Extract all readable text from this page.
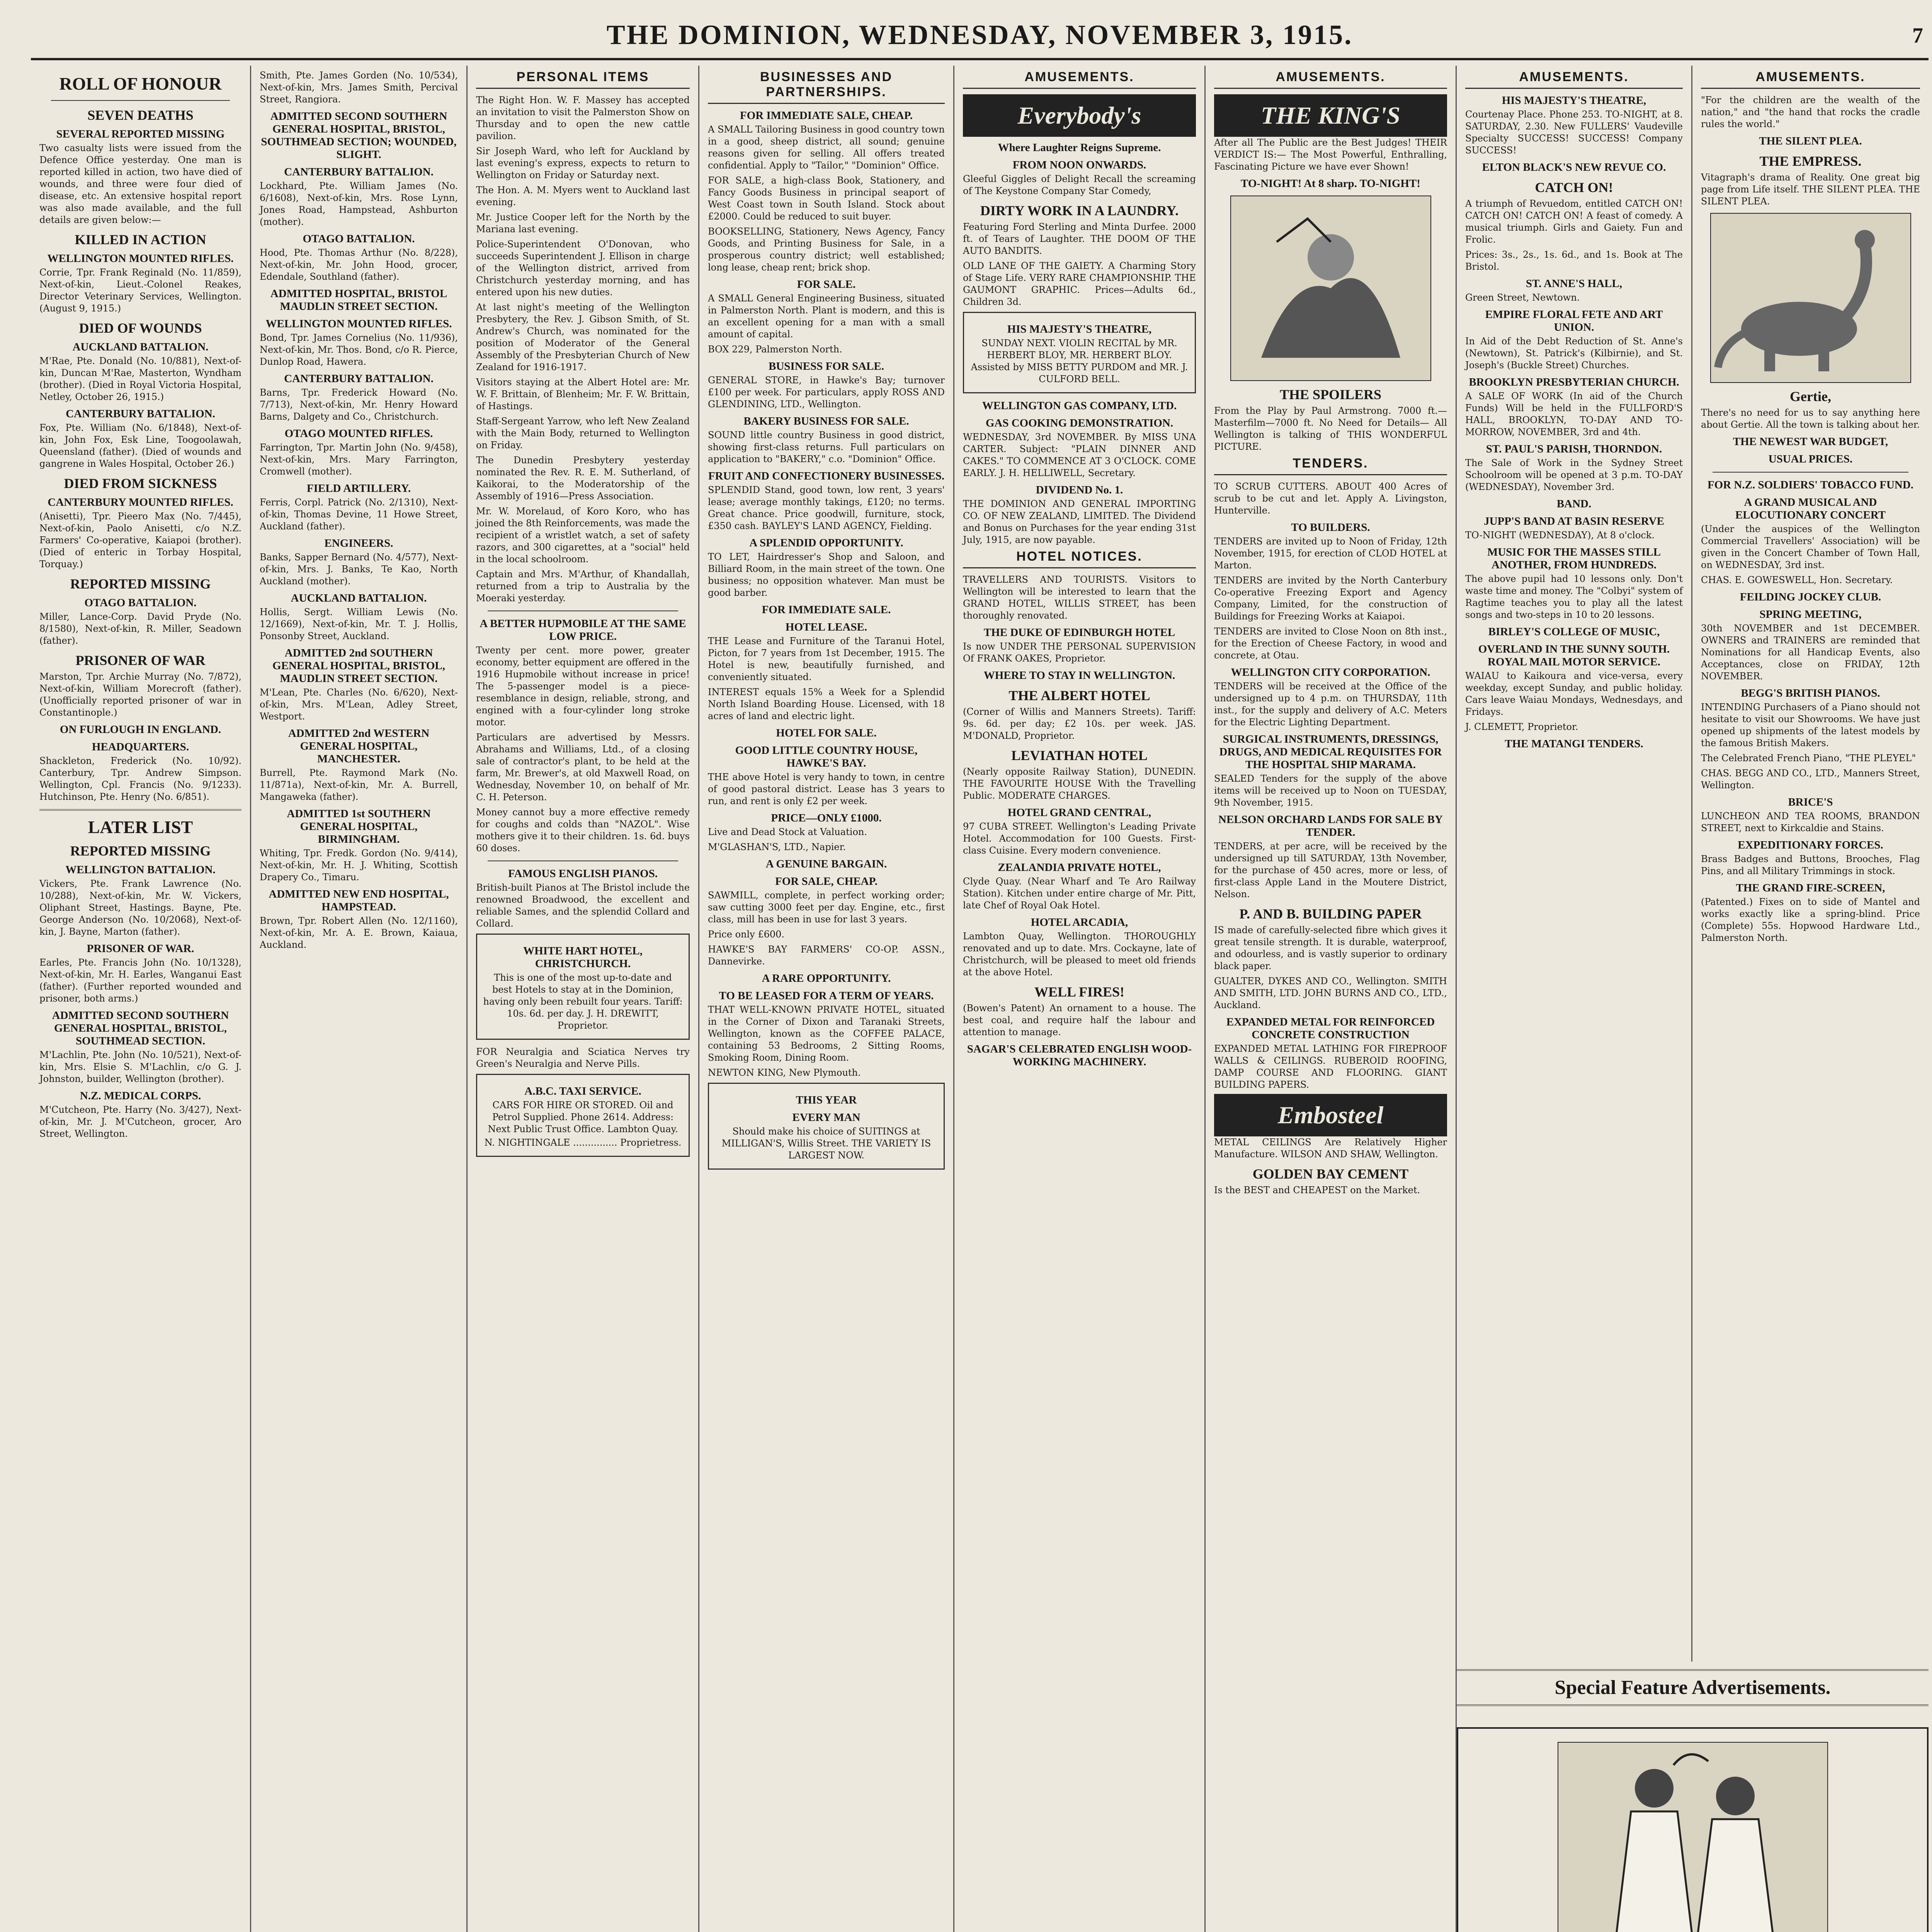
THE DOMINION, WEDNESDAY, NOVEMBER 3, 1915.	7
ROLL OF HONOUR
SEVEN DEATHS
SEVERAL REPORTED MISSING

Two casualty lists were issued from the Defence Office yesterday. One man is reported killed in action, two have died of wounds, and three were four died of disease, etc. An extensive hospital report was also made available, and the full details are given below:—

KILLED IN ACTION
WELLINGTON MOUNTED RIFLES.

Corrie, Tpr. Frank Reginald (No. 11/859), Next-of-kin, Lieut.-Colonel Reakes, Director Veterinary Services, Wellington. (August 9, 1915.)

DIED OF WOUNDS
AUCKLAND BATTALION.

M'Rae, Pte. Donald (No. 10/881), Next-of-kin, Duncan M'Rae, Masterton, Wyndham (brother). (Died in Royal Victoria Hospital, Netley, October 26, 1915.)

CANTERBURY BATTALION.

Fox, Pte. William (No. 6/1848), Next-of-kin, John Fox, Esk Line, Toogoolawah, Queensland (father). (Died of wounds and gangrene in Wales Hospital, October 26.)

DIED FROM SICKNESS
CANTERBURY MOUNTED RIFLES.

(Anisetti), Tpr. Pieero Max (No. 7/445), Next-of-kin, Paolo Anisetti, c/o N.Z. Farmers' Co-operative, Kaiapoi (brother). (Died of enteric in Torbay Hospital, Torquay.)

REPORTED MISSING
OTAGO BATTALION.

Miller, Lance-Corp. David Pryde (No. 8/1580), Next-of-kin, R. Miller, Seadown (father).

PRISONER OF WAR

Marston, Tpr. Archie Murray (No. 7/872), Next-of-kin, William Morecroft (father). (Unofficially reported prisoner of war in Constantinople.)

ON FURLOUGH IN ENGLAND.
HEADQUARTERS.

Shackleton, Frederick (No. 10/92). Canterbury, Tpr. Andrew Simpson. Wellington, Cpl. Francis (No. 9/1233). Hutchinson, Pte. Henry (No. 6/851).

LATER LIST
REPORTED MISSING
WELLINGTON BATTALION.

Vickers, Pte. Frank Lawrence (No. 10/288), Next-of-kin, Mr. W. Vickers, Oliphant Street, Hastings. Bayne, Pte. George Anderson (No. 10/2068), Next-of-kin, J. Bayne, Marton (father).

PRISONER OF WAR.

Earles, Pte. Francis John (No. 10/1328), Next-of-kin, Mr. H. Earles, Wanganui East (father). (Further reported wounded and prisoner, both arms.)

ADMITTED SECOND SOUTHERN GENERAL HOSPITAL, BRISTOL, SOUTHMEAD SECTION.

M'Lachlin, Pte. John (No. 10/521), Next-of-kin, Mrs. Elsie S. M'Lachlin, c/o G. J. Johnston, builder, Wellington (brother).

N.Z. MEDICAL CORPS.

M'Cutcheon, Pte. Harry (No. 3/427), Next-of-kin, Mr. J. M'Cutcheon, grocer, Aro Street, Wellington.

Smith, Pte. James Gorden (No. 10/534), Next-of-kin, Mrs. James Smith, Percival Street, Rangiora.

ADMITTED SECOND SOUTHERN GENERAL HOSPITAL, BRISTOL, SOUTHMEAD SECTION; WOUNDED, SLIGHT.
CANTERBURY BATTALION.

Lockhard, Pte. William James (No. 6/1608), Next-of-kin, Mrs. Rose Lynn, Jones Road, Hampstead, Ashburton (mother).

OTAGO BATTALION.

Hood, Pte. Thomas Arthur (No. 8/228), Next-of-kin, Mr. John Hood, grocer, Edendale, Southland (father).

ADMITTED HOSPITAL, BRISTOL MAUDLIN STREET SECTION.
WELLINGTON MOUNTED RIFLES.

Bond, Tpr. James Cornelius (No. 11/936), Next-of-kin, Mr. Thos. Bond, c/o R. Pierce, Dunlop Road, Hawera.

CANTERBURY BATTALION.

Barns, Tpr. Frederick Howard (No. 7/713), Next-of-kin, Mr. Henry Howard Barns, Dalgety and Co., Christchurch.

OTAGO MOUNTED RIFLES.

Farrington, Tpr. Martin John (No. 9/458), Next-of-kin, Mrs. Mary Farrington, Cromwell (mother).

FIELD ARTILLERY.

Ferris, Corpl. Patrick (No. 2/1310), Next-of-kin, Thomas Devine, 11 Howe Street, Auckland (father).

ENGINEERS.

Banks, Sapper Bernard (No. 4/577), Next-of-kin, Mrs. J. Banks, Te Kao, North Auckland (mother).

AUCKLAND BATTALION.

Hollis, Sergt. William Lewis (No. 12/1669), Next-of-kin, Mr. T. J. Hollis, Ponsonby Street, Auckland.

ADMITTED 2nd SOUTHERN GENERAL HOSPITAL, BRISTOL, MAUDLIN STREET SECTION.

M'Lean, Pte. Charles (No. 6/620), Next-of-kin, Mrs. M'Lean, Adley Street, Westport.

ADMITTED 2nd WESTERN GENERAL HOSPITAL, MANCHESTER.

Burrell, Pte. Raymond Mark (No. 11/871a), Next-of-kin, Mr. A. Burrell, Mangaweka (father).

ADMITTED 1st SOUTHERN GENERAL HOSPITAL, BIRMINGHAM.

Whiting, Tpr. Fredk. Gordon (No. 9/414), Next-of-kin, Mr. H. J. Whiting, Scottish Drapery Co., Timaru.

ADMITTED NEW END HOSPITAL, HAMPSTEAD.

Brown, Tpr. Robert Allen (No. 12/1160), Next-of-kin, Mr. A. E. Brown, Kaiaua, Auckland.

PERSONAL ITEMS

The Right Hon. W. F. Massey has accepted an invitation to visit the Palmerston Show on Thursday and to open the new cattle pavilion.

Sir Joseph Ward, who left for Auckland by last evening's express, expects to return to Wellington on Friday or Saturday next.

The Hon. A. M. Myers went to Auckland last evening.

Mr. Justice Cooper left for the North by the Mariana last evening.

Police-Superintendent O'Donovan, who succeeds Superintendent J. Ellison in charge of the Wellington district, arrived from Christchurch yesterday morning, and has entered upon his new duties.

At last night's meeting of the Wellington Presbytery, the Rev. J. Gibson Smith, of St. Andrew's Church, was nominated for the position of Moderator of the General Assembly of the Presbyterian Church of New Zealand for 1916-1917.

Visitors staying at the Albert Hotel are: Mr. W. F. Brittain, of Blenheim; Mr. F. W. Brittain, of Hastings.

Staff-Sergeant Yarrow, who left New Zealand with the Main Body, returned to Wellington on Friday.

The Dunedin Presbytery yesterday nominated the Rev. R. E. M. Sutherland, of Kaikorai, to the Moderatorship of the Assembly of 1916—Press Association.

Mr. W. Morelaud, of Koro Koro, who has joined the 8th Reinforcements, was made the recipient of a wristlet watch, a set of safety razors, and 300 cigarettes, at a "social" held in the local schoolroom.

Captain and Mrs. M'Arthur, of Khandallah, returned from a trip to Australia by the Moeraki yesterday.

A BETTER HUPMOBILE AT THE SAME LOW PRICE.

Twenty per cent. more power, greater economy, better equipment are offered in the 1916 Hupmobile without increase in price! The 5-passenger model is a piece-resemblance in design, reliable, strong, and engined with a four-cylinder long stroke motor.

Particulars are advertised by Messrs. Abrahams and Williams, Ltd., of a closing sale of contractor's plant, to be held at the farm, Mr. Brewer's, at old Maxwell Road, on Wednesday, November 10, on behalf of Mr. C. H. Peterson.

Money cannot buy a more effective remedy for coughs and colds than "NAZOL". Wise mothers give it to their children. 1s. 6d. buys 60 doses.

FAMOUS ENGLISH PIANOS.

British-built Pianos at The Bristol include the renowned Broadwood, the excellent and reliable Sames, and the splendid Collard and Collard.

WHITE HART HOTEL, CHRISTCHURCH.

This is one of the most up-to-date and best Hotels to stay at in the Dominion, having only been rebuilt four years. Tariff: 10s. 6d. per day. J. H. DREWITT, Proprietor.

FOR Neuralgia and Sciatica Nerves try Green's Neuralgia and Nerve Pills.

A.B.C. TAXI SERVICE.

CARS FOR HIRE OR STORED. Oil and Petrol Supplied. Phone 2614. Address: Next Public Trust Office. Lambton Quay.

N. NIGHTINGALE ............... Proprietress.

BUSINESSES AND PARTNERSHIPS.
FOR IMMEDIATE SALE, CHEAP.

A SMALL Tailoring Business in good country town in a good, sheep district, all sound; genuine reasons given for selling. All offers treated confidential. Apply to "Tailor," "Dominion" Office.

FOR SALE, a high-class Book, Stationery, and Fancy Goods Business in principal seaport of West Coast town in South Island. Stock about £2000. Could be reduced to suit buyer.

BOOKSELLING, Stationery, News Agency, Fancy Goods, and Printing Business for Sale, in a prosperous country district; well established; long lease, cheap rent; brick shop.

FOR SALE.

A SMALL General Engineering Business, situated in Palmerston North. Plant is modern, and this is an excellent opening for a man with a small amount of capital.

BOX 229, Palmerston North.

BUSINESS FOR SALE.

GENERAL STORE, in Hawke's Bay; turnover £100 per week. For particulars, apply ROSS AND GLENDINING, LTD., Wellington.

BAKERY BUSINESS FOR SALE.

SOUND little country Business in good district, showing first-class returns. Full particulars on application to "BAKERY," c.o. "Dominion" Office.

FRUIT AND CONFECTIONERY BUSINESSES.

SPLENDID Stand, good town, low rent, 3 years' lease; average monthly takings, £120; no terms. Great chance. Price goodwill, furniture, stock, £350 cash. BAYLEY'S LAND AGENCY, Fielding.

A SPLENDID OPPORTUNITY.

TO LET, Hairdresser's Shop and Saloon, and Billiard Room, in the main street of the town. One business; no opposition whatever. Man must be good barber.

FOR IMMEDIATE SALE.
HOTEL LEASE.

THE Lease and Furniture of the Taranui Hotel, Picton, for 7 years from 1st December, 1915. The Hotel is new, beautifully furnished, and conveniently situated.

INTEREST equals 15% a Week for a Splendid North Island Boarding House. Licensed, with 18 acres of land and electric light.

HOTEL FOR SALE.
GOOD LITTLE COUNTRY HOUSE, HAWKE'S BAY.

THE above Hotel is very handy to town, in centre of good pastoral district. Lease has 3 years to run, and rent is only £2 per week.

PRICE—ONLY £1000.

Live and Dead Stock at Valuation.

M'GLASHAN'S, LTD., Napier.

A GENUINE BARGAIN.
FOR SALE, CHEAP.

SAWMILL, complete, in perfect working order; saw cutting 3000 feet per day. Engine, etc., first class, mill has been in use for last 3 years.

Price only £600.

HAWKE'S BAY FARMERS' CO-OP. ASSN., Dannevirke.

A RARE OPPORTUNITY.
TO BE LEASED FOR A TERM OF YEARS.

THAT WELL-KNOWN PRIVATE HOTEL, situated in the Corner of Dixon and Taranaki Streets, Wellington, known as the COFFEE PALACE, containing 53 Bedrooms, 2 Sitting Rooms, Smoking Room, Dining Room.

NEWTON KING, New Plymouth.

THIS YEAR
EVERY MAN

Should make his choice of SUITINGS at MILLIGAN'S, Willis Street. THE VARIETY IS LARGEST NOW.

AMUSEMENTS.
Everybody's
Where Laughter Reigns Supreme.
FROM NOON ONWARDS.

Gleeful Giggles of Delight Recall the screaming of The Keystone Company Star Comedy,

DIRTY WORK IN A LAUNDRY.

Featuring Ford Sterling and Minta Durfee. 2000 ft. of Tears of Laughter. THE DOOM OF THE AUTO BANDITS.

OLD LANE OF THE GAIETY. A Charming Story of Stage Life. VERY RARE CHAMPIONSHIP. THE GAUMONT GRAPHIC. Prices—Adults 6d., Children 3d.

HIS MAJESTY'S THEATRE,

SUNDAY NEXT. VIOLIN RECITAL by MR. HERBERT BLOY, MR. HERBERT BLOY. Assisted by MISS BETTY PURDOM and MR. J. CULFORD BELL.

WELLINGTON GAS COMPANY, LTD.
GAS COOKING DEMONSTRATION.

WEDNESDAY, 3rd NOVEMBER. By MISS UNA CARTER. Subject: "PLAIN DINNER AND CAKES." TO COMMENCE AT 3 O'CLOCK. COME EARLY. J. H. HELLIWELL, Secretary.

DIVIDEND No. 1.

THE DOMINION AND GENERAL IMPORTING CO. OF NEW ZEALAND, LIMITED. The Dividend and Bonus on Purchases for the year ending 31st July, 1915, are now payable.

HOTEL NOTICES.

TRAVELLERS AND TOURISTS. Visitors to Wellington will be interested to learn that the GRAND HOTEL, WILLIS STREET, has been thoroughly renovated.

THE DUKE OF EDINBURGH HOTEL

Is now UNDER THE PERSONAL SUPERVISION Of FRANK OAKES, Proprietor.

WHERE TO STAY IN WELLINGTON.
THE ALBERT HOTEL

(Corner of Willis and Manners Streets). Tariff: 9s. 6d. per day; £2 10s. per week. JAS. M'DONALD, Proprietor.

LEVIATHAN HOTEL

(Nearly opposite Railway Station), DUNEDIN. THE FAVOURITE HOUSE With the Travelling Public. MODERATE CHARGES.

HOTEL GRAND CENTRAL,

97 CUBA STREET. Wellington's Leading Private Hotel. Accommodation for 100 Guests. First-class Cuisine. Every modern convenience.

ZEALANDIA PRIVATE HOTEL,

Clyde Quay. (Near Wharf and Te Aro Railway Station). Kitchen under entire charge of Mr. Pitt, late Chef of Royal Oak Hotel.

HOTEL ARCADIA,

Lambton Quay, Wellington. THOROUGHLY renovated and up to date. Mrs. Cockayne, late of Christchurch, will be pleased to meet old friends at the above Hotel.

WELL FIRES!

(Bowen's Patent) An ornament to a house. The best coal, and require half the labour and attention to manage.

SAGAR'S CELEBRATED ENGLISH WOOD-WORKING MACHINERY.
AMUSEMENTS.
THE KING'S

After all The Public are the Best Judges! THEIR VERDICT IS:— The Most Powerful, Enthralling, Fascinating Picture we have ever Shown!

TO-NIGHT! At 8 sharp. TO-NIGHT!
THE SPOILERS

From the Play by Paul Armstrong. 7000 ft.—Masterfilm—7000 ft. No Need for Details— All Wellington is talking of THIS WONDERFUL PICTURE.

TENDERS.

TO SCRUB CUTTERS. ABOUT 400 Acres of scrub to be cut and let. Apply A. Livingston, Hunterville.

TO BUILDERS.

TENDERS are invited up to Noon of Friday, 12th November, 1915, for erection of CLOD HOTEL at Marton.

TENDERS are invited by the North Canterbury Co-operative Freezing Export and Agency Company, Limited, for the construction of Buildings for Freezing Works at Kaiapoi.

TENDERS are invited to Close Noon on 8th inst., for the Erection of Cheese Factory, in wood and concrete, at Otau.

WELLINGTON CITY CORPORATION.

TENDERS will be received at the Office of the undersigned up to 4 p.m. on THURSDAY, 11th inst., for the supply and delivery of A.C. Meters for the Electric Lighting Department.

SURGICAL INSTRUMENTS, DRESSINGS, DRUGS, AND MEDICAL REQUISITES FOR THE HOSPITAL SHIP MARAMA.

SEALED Tenders for the supply of the above items will be received up to Noon on TUESDAY, 9th November, 1915.

NELSON ORCHARD LANDS FOR SALE BY TENDER.

TENDERS, at per acre, will be received by the undersigned up till SATURDAY, 13th November, for the purchase of 450 acres, more or less, of first-class Apple Land in the Moutere District, Nelson.

P. AND B. BUILDING PAPER

IS made of carefully-selected fibre which gives it great tensile strength. It is durable, waterproof, and odourless, and is vastly superior to ordinary black paper.

GUALTER, DYKES AND CO., Wellington. SMITH AND SMITH, LTD. JOHN BURNS AND CO., LTD., Auckland.

EXPANDED METAL FOR REINFORCED CONCRETE CONSTRUCTION

EXPANDED METAL LATHING FOR FIREPROOF WALLS & CEILINGS. RUBEROID ROOFING, DAMP COURSE AND FLOORING. GIANT BUILDING PAPERS.

Embosteel

METAL CEILINGS Are Relatively Higher Manufacture. WILSON AND SHAW, Wellington.

GOLDEN BAY CEMENT

Is the BEST and CHEAPEST on the Market.

AMUSEMENTS.
HIS MAJESTY'S THEATRE,

Courtenay Place. Phone 253. TO-NIGHT, at 8. SATURDAY, 2.30. New FULLERS' Vaudeville Specialty SUCCESS! SUCCESS! Company SUCCESS!

ELTON BLACK'S NEW REVUE CO.
CATCH ON!

A triumph of Revuedom, entitled CATCH ON! CATCH ON! CATCH ON! A feast of comedy. A musical triumph. Girls and Gaiety. Fun and Frolic.

Prices: 3s., 2s., 1s. 6d., and 1s. Book at The Bristol.

ST. ANNE'S HALL,

Green Street, Newtown.

EMPIRE FLORAL FETE AND ART UNION.

In Aid of the Debt Reduction of St. Anne's (Newtown), St. Patrick's (Kilbirnie), and St. Joseph's (Buckle Street) Churches.

BROOKLYN PRESBYTERIAN CHURCH.

A SALE OF WORK (In aid of the Church Funds) Will be held in the FULLFORD'S HALL, BROOKLYN, TO-DAY AND TO-MORROW, NOVEMBER, 3rd and 4th.

ST. PAUL'S PARISH, THORNDON.

The Sale of Work in the Sydney Street Schoolroom will be opened at 3 p.m. TO-DAY (WEDNESDAY), November 3rd.

BAND.
JUPP'S BAND AT BASIN RESERVE

TO-NIGHT (WEDNESDAY), At 8 o'clock.

MUSIC FOR THE MASSES STILL ANOTHER, FROM HUNDREDS.

The above pupil had 10 lessons only. Don't waste time and money. The "Colbyi" system of Ragtime teaches you to play all the latest songs and two-steps in 10 to 20 lessons.

BIRLEY'S COLLEGE OF MUSIC,
OVERLAND IN THE SUNNY SOUTH. ROYAL MAIL MOTOR SERVICE.

WAIAU to Kaikoura and vice-versa, every weekday, except Sunday, and public holiday. Cars leave Waiau Mondays, Wednesdays, and Fridays.

J. CLEMETT, Proprietor.

THE MATANGI TENDERS.
AMUSEMENTS.

"For the children are the wealth of the nation," and "the hand that rocks the cradle rules the world."

THE SILENT PLEA.
THE EMPRESS.

Vitagraph's drama of Reality. One great big page from Life itself. THE SILENT PLEA. THE SILENT PLEA.

Gertie,

There's no need for us to say anything here about Gertie. All the town is talking about her.

THE NEWEST WAR BUDGET,
USUAL PRICES.
FOR N.Z. SOLDIERS' TOBACCO FUND.
A GRAND MUSICAL AND ELOCUTIONARY CONCERT

(Under the auspices of the Wellington Commercial Travellers' Association) will be given in the Concert Chamber of Town Hall, on WEDNESDAY, 3rd inst.

CHAS. E. GOWESWELL, Hon. Secretary.

FEILDING JOCKEY CLUB.
SPRING MEETING,

30th NOVEMBER and 1st DECEMBER. OWNERS and TRAINERS are reminded that Nominations for all Handicap Events, also Acceptances, close on FRIDAY, 12th NOVEMBER.

BEGG'S BRITISH PIANOS.

INTENDING Purchasers of a Piano should not hesitate to visit our Showrooms. We have just opened up shipments of the latest models by the famous British Makers.

The Celebrated French Piano, "THE PLEYEL"

CHAS. BEGG AND CO., LTD., Manners Street, Wellington.

BRICE'S

LUNCHEON AND TEA ROOMS, BRANDON STREET, next to Kirkcaldie and Stains.

EXPEDITIONARY FORCES.

Brass Badges and Buttons, Brooches, Flag Pins, and all Military Trimmings in stock.

THE GRAND FIRE-SCREEN,

(Patented.) Fixes on to side of Mantel and works exactly like a spring-blind. Price (Complete) 55s. Hopwood Hardware Ltd., Palmerston North.

Special Feature Advertisements.
